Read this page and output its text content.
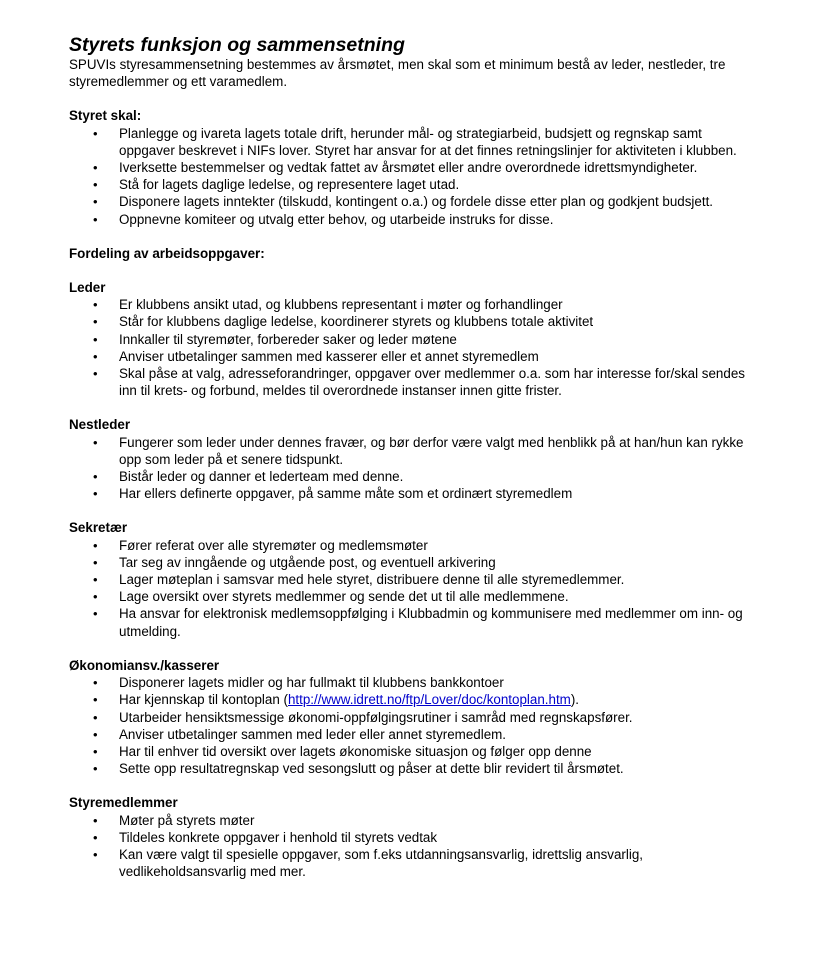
Styrets funksjon og sammensetning

SPUVIs styresammensetning bestemmes av årsmøtet, men skal som et minimum bestå av leder, nestleder, tre styremedlemmer og ett varamedlem.

Styret skal:
• Planlegge og ivareta lagets totale drift, herunder mål- og strategiarbeid, budsjett og regnskap samt oppgaver beskrevet i NIFs lover. Styret har ansvar for at det finnes retningslinjer for aktiviteten i klubben.
• Iverksette bestemmelser og vedtak fattet av årsmøtet eller andre overordnede idrettsmyndigheter.
• Stå for lagets daglige ledelse, og representere laget utad.
• Disponere lagets inntekter (tilskudd, kontingent o.a.) og fordele disse etter plan og godkjent budsjett.
• Oppnevne komiteer og utvalg etter behov, og utarbeide instruks for disse.
Fordeling av arbeidsoppgaver:
Leder
• Er klubbens ansikt utad, og klubbens representant i møter og forhandlinger
• Står for klubbens daglige ledelse, koordinerer styrets og klubbens totale aktivitet
• Innkaller til styremøter, forbereder saker og leder møtene
• Anviser utbetalinger sammen med kasserer eller et annet styremedlem
• Skal påse at valg, adresseforandringer, oppgaver over medlemmer o.a. som har interesse for/skal sendes inn til krets- og forbund, meldes til overordnede instanser innen gitte frister.
Nestleder
• Fungerer som leder under dennes fravær, og bør derfor være valgt med henblikk på at han/hun kan rykke opp som leder på et senere tidspunkt.
• Bistår leder og danner et lederteam med denne.
• Har ellers definerte oppgaver, på samme måte som et ordinært styremedlem
Sekretær
• Fører referat over alle styremøter og medlemsmøter
• Tar seg av inngående og utgående post, og eventuell arkivering
• Lager møteplan i samsvar med hele styret, distribuere denne til alle styremedlemmer.
• Lage oversikt over styrets medlemmer og sende det ut til alle medlemmene.
• Ha ansvar for elektronisk medlemsoppfølging i Klubbadmin og kommunisere med medlemmer om inn- og utmelding.
Økonomiansv./kasserer
• Disponerer lagets midler og har fullmakt til klubbens bankkontoer
• Har kjennskap til kontoplan (http://www.idrett.no/ftp/Lover/doc/kontoplan.htm).
• Utarbeider hensiktsmessige økonomi-oppfølgingsrutiner i samråd med regnskapsfører.
• Anviser utbetalinger sammen med leder eller annet styremedlem.
• Har til enhver tid oversikt over lagets økonomiske situasjon og følger opp denne
• Sette opp resultatregnskap ved sesongslutt og påser at dette blir revidert til årsmøtet.
Styremedlemmer
• Møter på styrets møter
• Tildeles konkrete oppgaver i henhold til styrets vedtak
• Kan være valgt til spesielle oppgaver, som f.eks utdanningsansvarlig, idrettslig ansvarlig, vedlikeholdsansvarlig med mer.
